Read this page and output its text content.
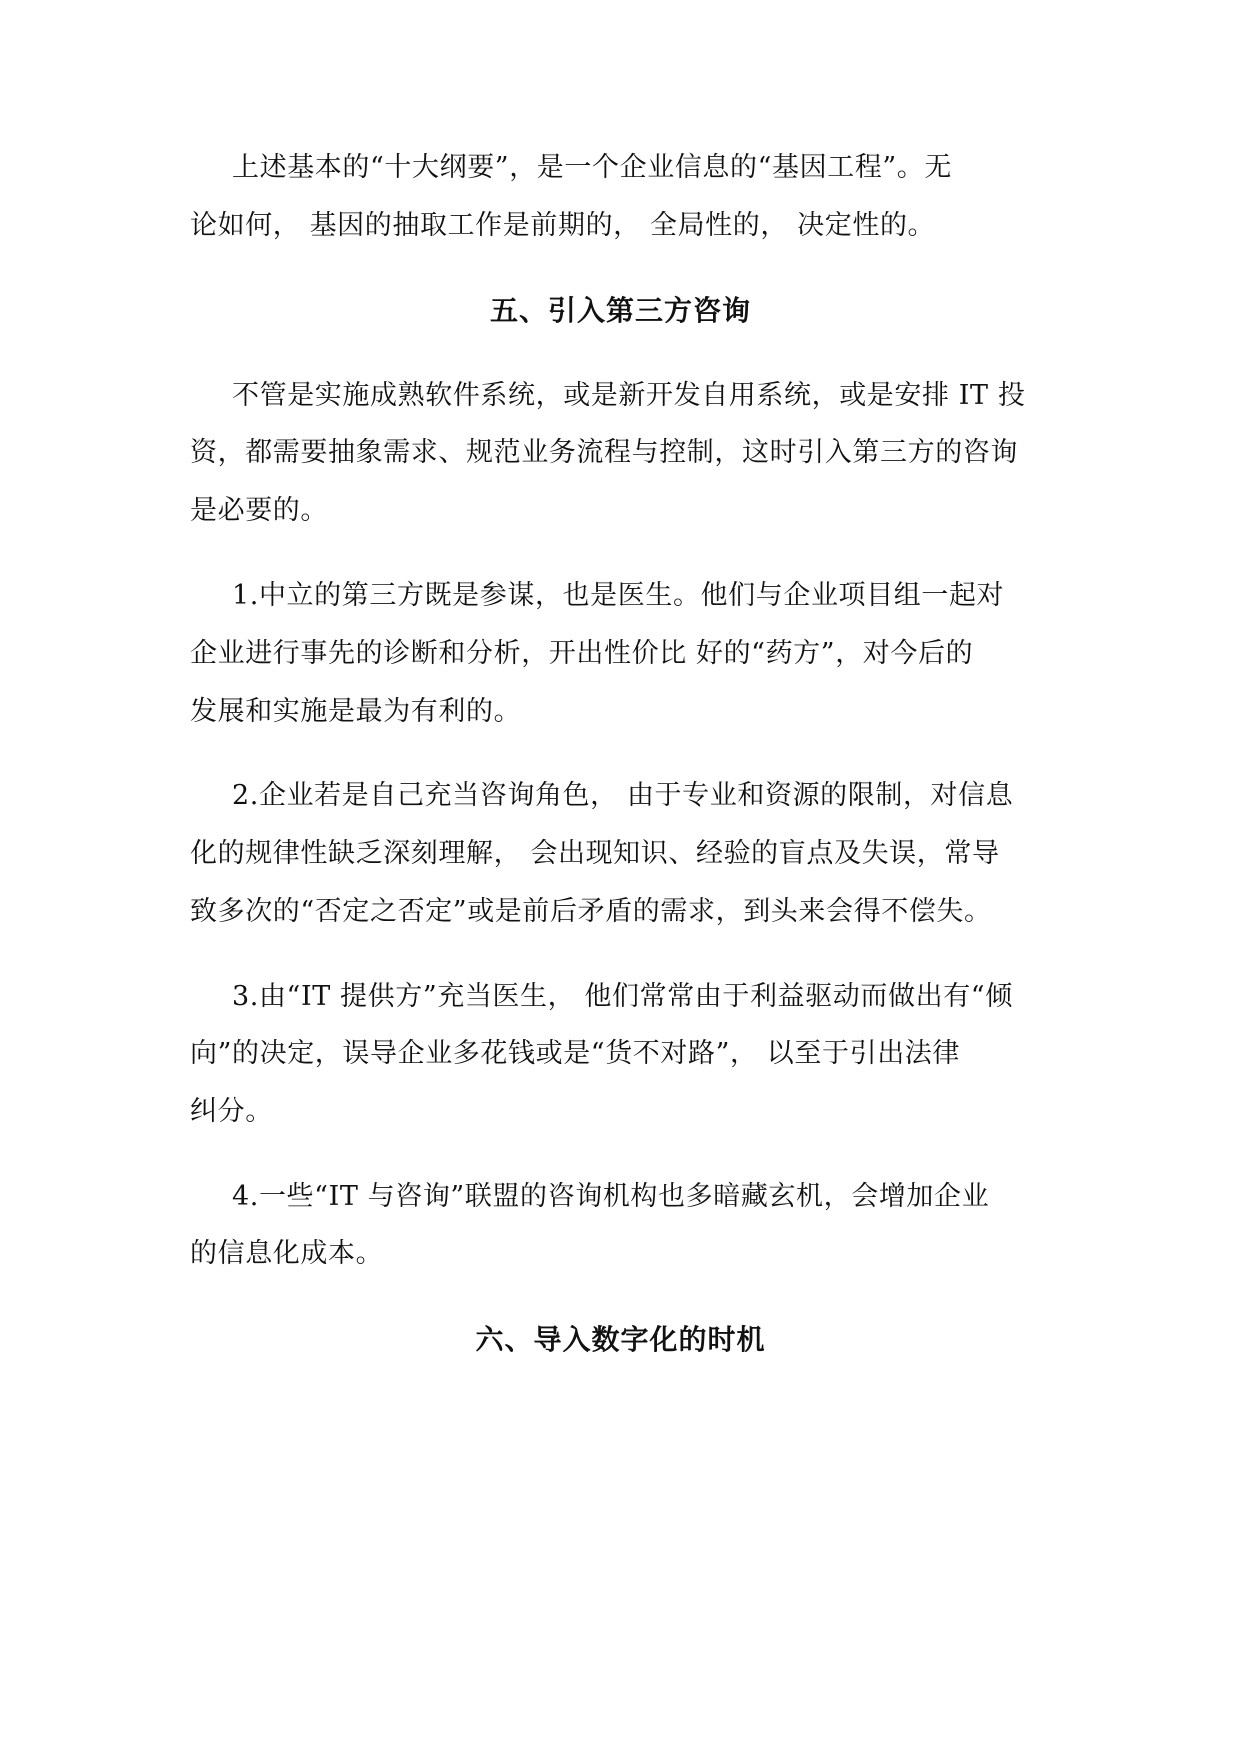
上述基本的“十大纲要”，是一个企业信息的“基因工程”。无
论如何， 基因的抽取工作是前期的， 全局性的， 决定性的。
五、引入第三方咨询
不管是实施成熟软件系统，或是新开发自用系统，或是安排 IT 投
资，都需要抽象需求、规范业务流程与控制，这时引入第三方的咨询
是必要的。
1.中立的第三方既是参谋，也是医生。他们与企业项目组一起对
企业进行事先的诊断和分析，开出性价比 好的“药方”，对今后的
发展和实施是最为有利的。
2.企业若是自己充当咨询角色， 由于专业和资源的限制，对信息
化的规律性缺乏深刻理解， 会出现知识、经验的盲点及失误，常导
致多次的“否定之否定”或是前后矛盾的需求，到头来会得不偿失。
3.由“IT 提供方”充当医生， 他们常常由于利益驱动而做出有“倾
向”的决定，误导企业多花钱或是“货不对路”， 以至于引出法律
纠分。
4.一些“IT 与咨询”联盟的咨询机构也多暗藏玄机，会增加企业
的信息化成本。
六、导入数字化的时机
